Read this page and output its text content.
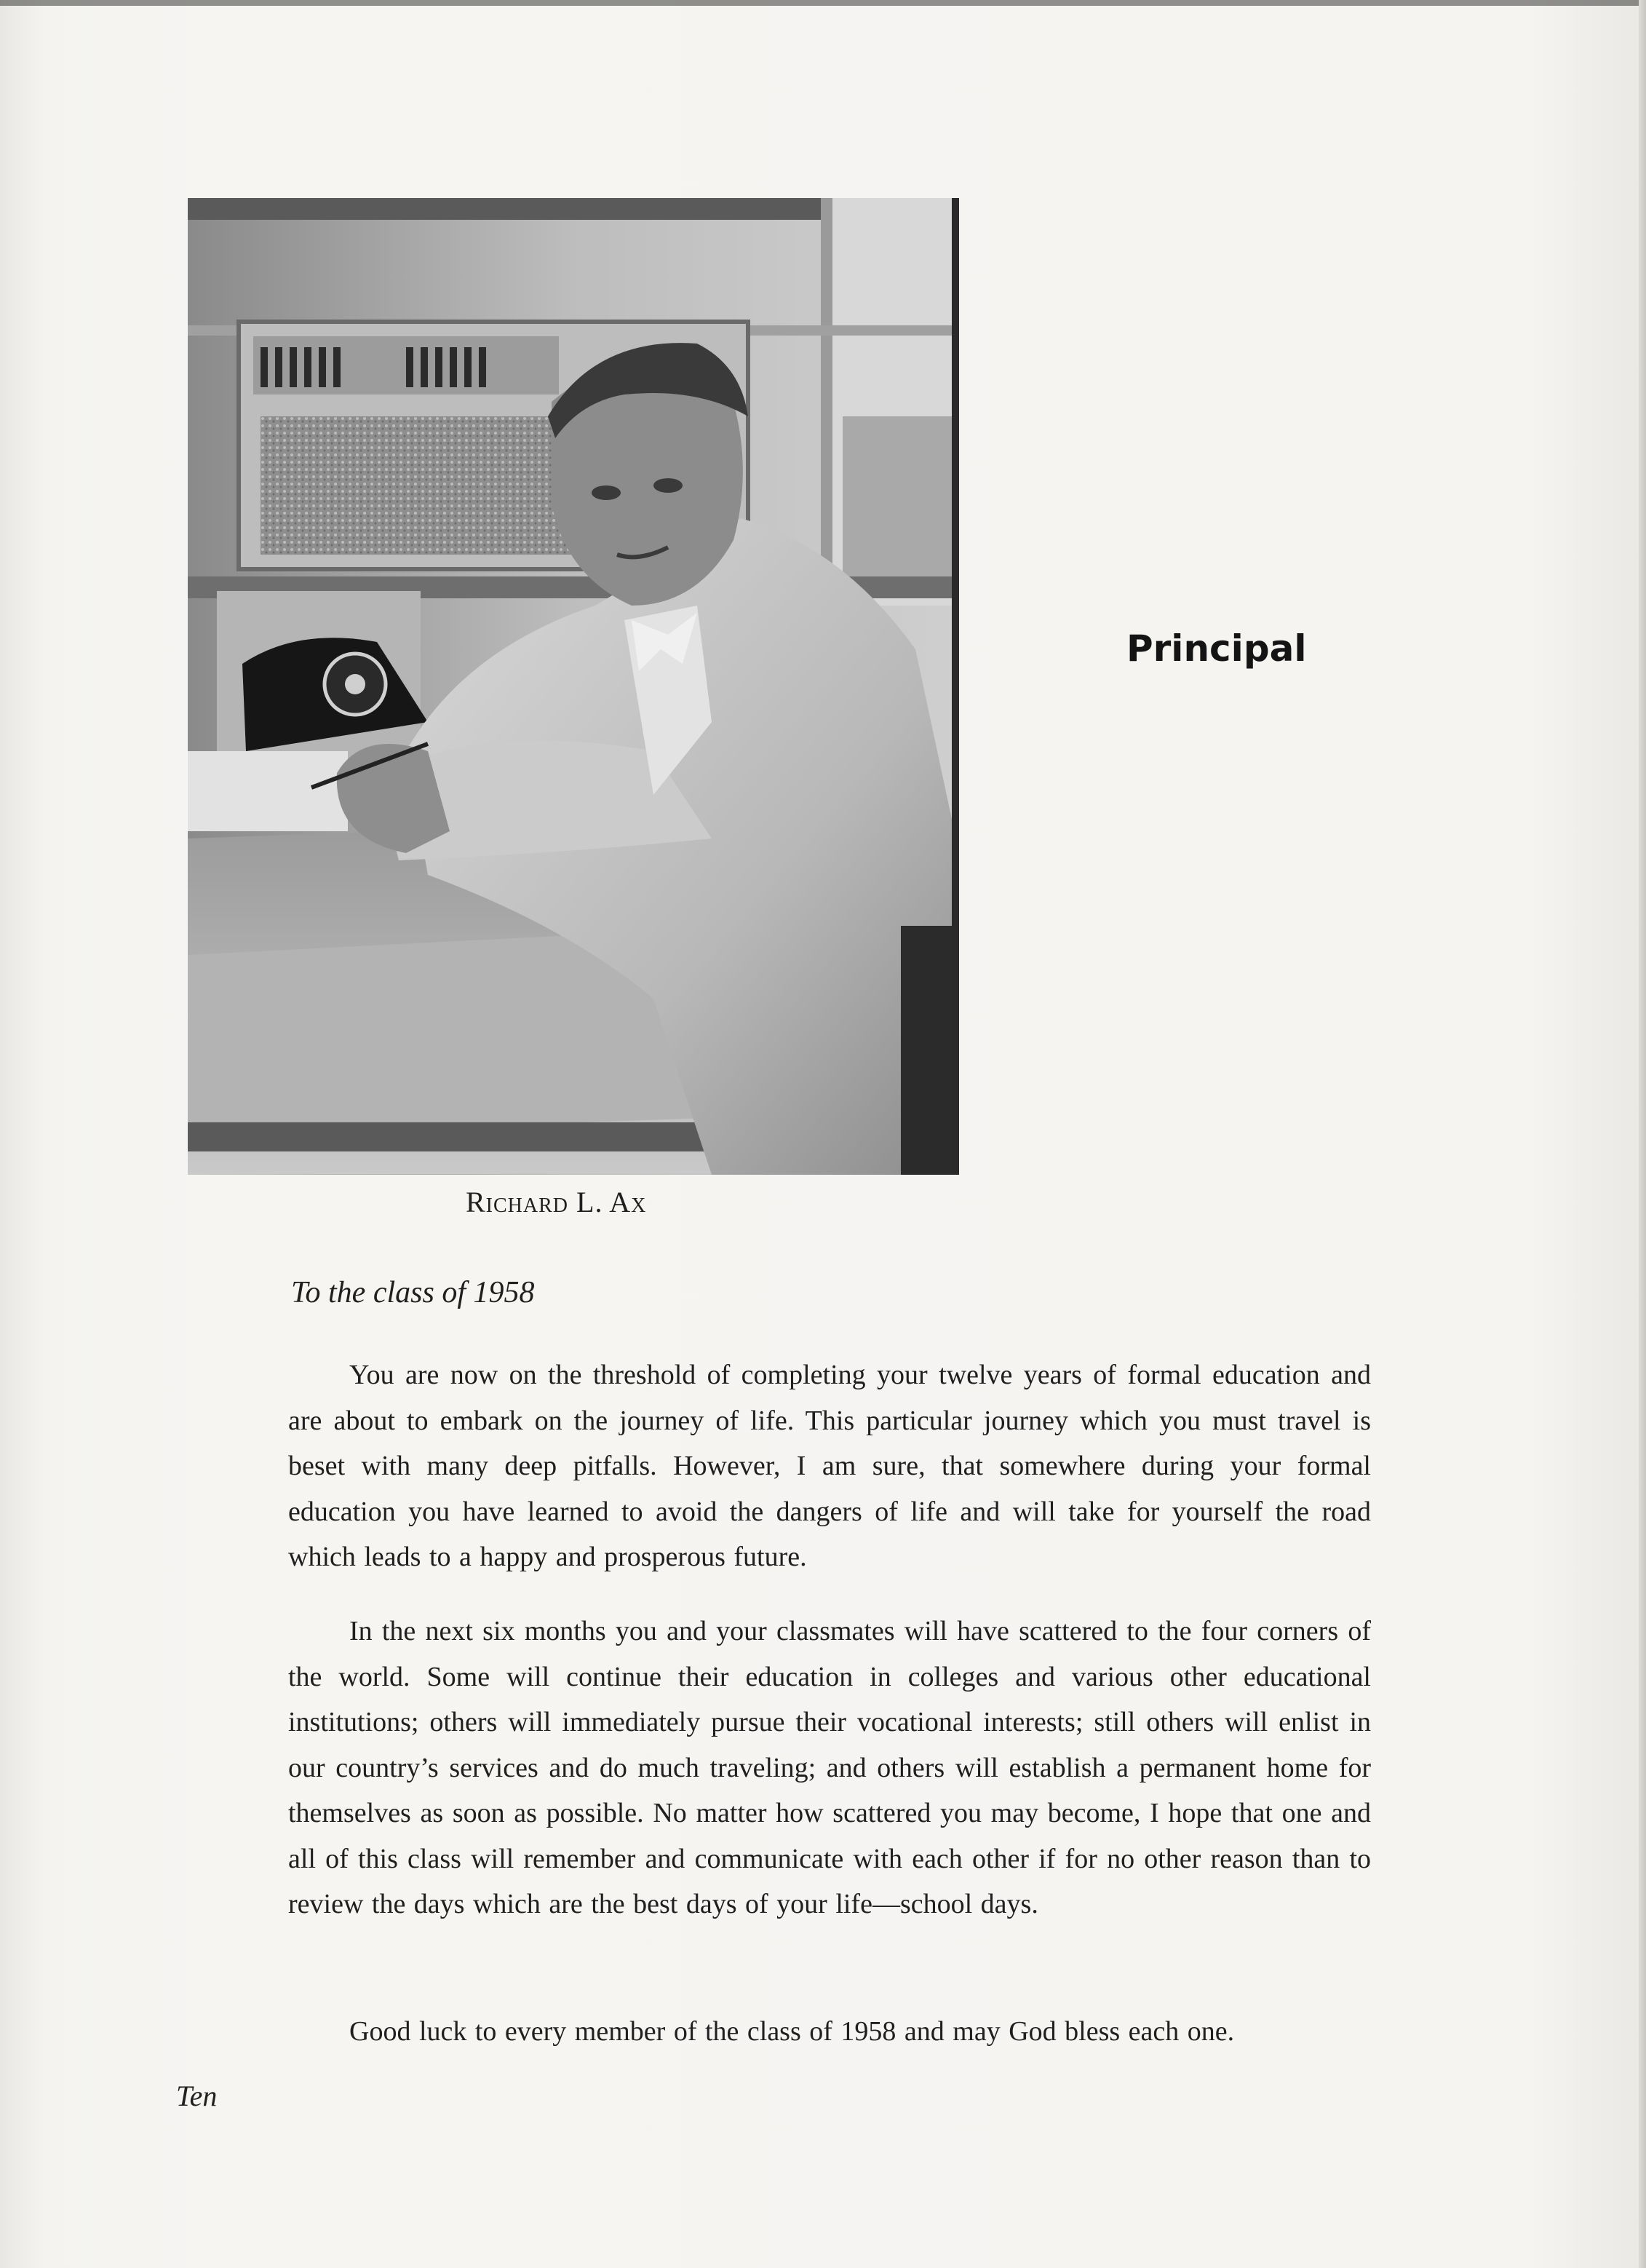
Richard L. Ax
Principal
To the class of 1958

You are now on the threshold of completing your twelve years of formal education and are about to embark on the journey of life. This particular journey which you must travel is beset with many deep pitfalls. However, I am sure, that somewhere during your formal education you have learned to avoid the dangers of life and will take for yourself the road which leads to a happy and prosperous future.

In the next six months you and your classmates will have scattered to the four corners of the world. Some will continue their education in colleges and various other educational institutions; others will immediately pursue their vocational interests; still others will enlist in our country’s services and do much traveling; and others will establish a permanent home for themselves as soon as possible. No matter how scattered you may become, I hope that one and all of this class will remember and communicate with each other if for no other reason than to review the days which are the best days of your life—school days.

Good luck to every member of the class of 1958 and may God bless each one.

Ten
